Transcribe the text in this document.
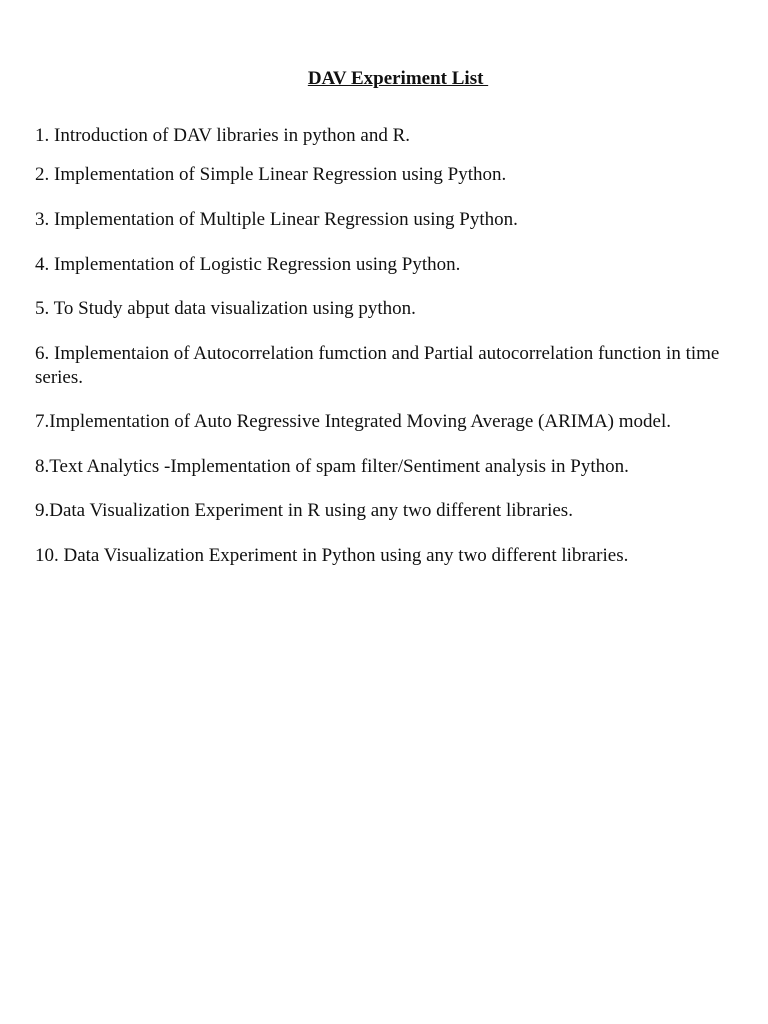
DAV Experiment List

1. Introduction of DAV libraries in python and R.

2. Implementation of Simple Linear Regression using Python.

3. Implementation of Multiple Linear Regression using Python.

4. Implementation of Logistic Regression using Python.

5. To Study abput data visualization using python.

6. Implementaion of Autocorrelation fumction and Partial autocorrelation function in time series.

7.Implementation of Auto Regressive Integrated Moving Average (ARIMA) model.

8.Text Analytics -Implementation of spam filter/Sentiment analysis in Python.

9.Data Visualization Experiment in R using any two different libraries.

10. Data Visualization Experiment in Python using any two different libraries.
